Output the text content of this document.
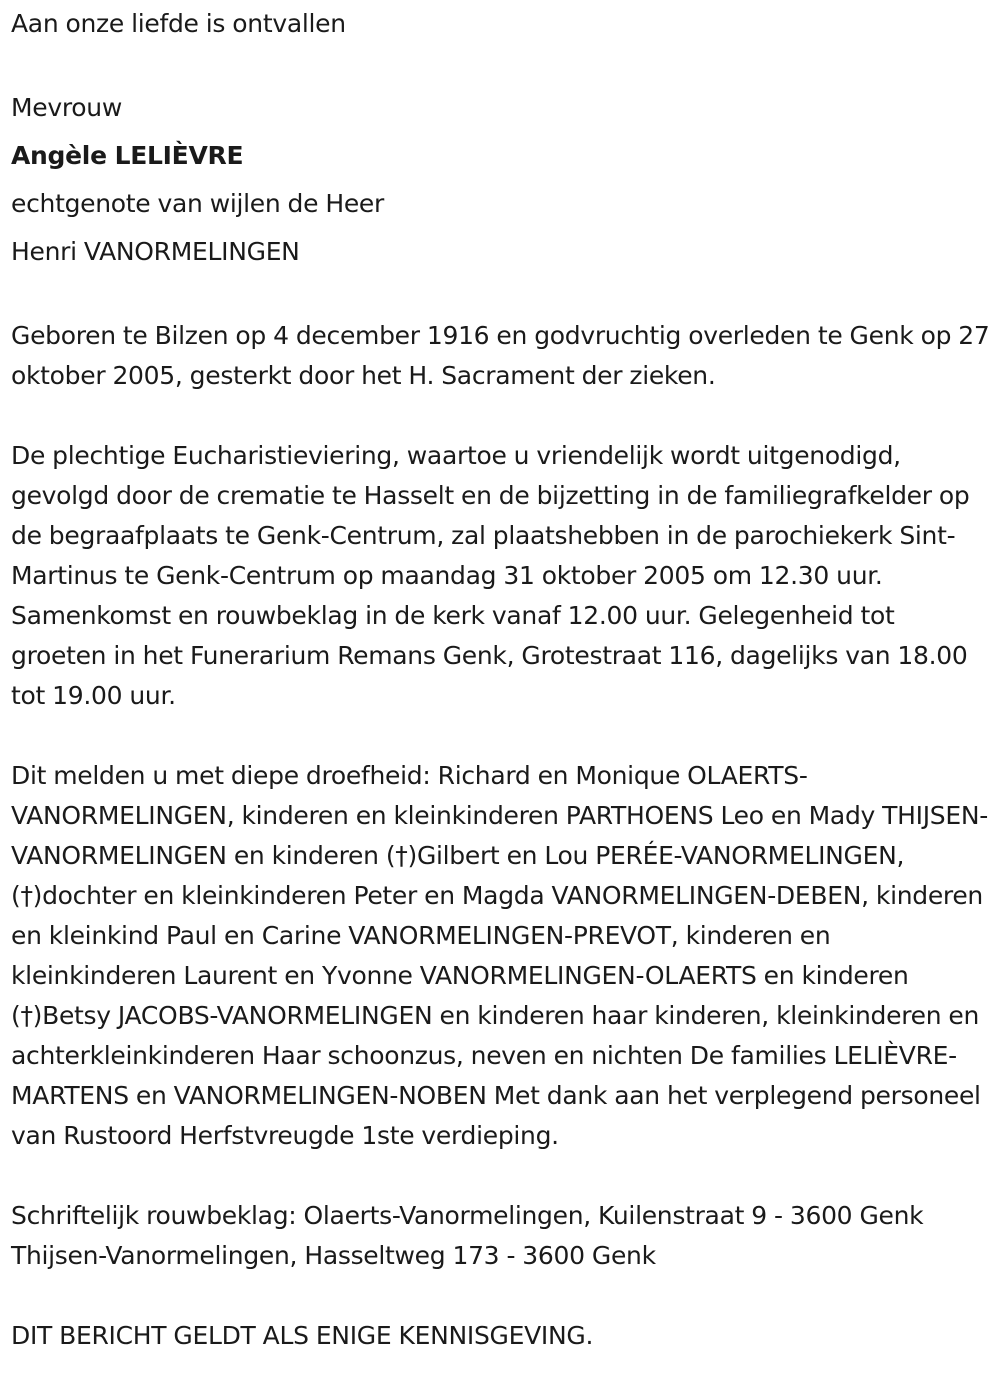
Aan onze liefde is ontvallen

Mevrouw

Angèle LELIÈVRE

echtgenote van wijlen de Heer

Henri VANORMELINGEN

Geboren te Bilzen op 4 december 1916 en godvruchtig overleden te Genk op 27 oktober 2005, gesterkt door het H. Sacrament der zieken.

De plechtige Eucharistieviering, waartoe u vriendelijk wordt uitgenodigd, gevolgd door de crematie te Hasselt en de bijzetting in de familiegrafkelder op de begraafplaats te Genk-Centrum, zal plaatshebben in de parochiekerk Sint-Martinus te Genk-Centrum op maandag 31 oktober 2005 om 12.30 uur. Samenkomst en rouwbeklag in de kerk vanaf 12.00 uur. Gelegenheid tot groeten in het Funerarium Remans Genk, Grotestraat 116, dagelijks van 18.00 tot 19.00 uur.

Dit melden u met diepe droefheid: Richard en Monique OLAERTS-VANORMELINGEN, kinderen en kleinkinderen PARTHOENS Leo en Mady THIJSEN-VANORMELINGEN en kinderen (†)Gilbert en Lou PERÉE-VANORMELINGEN, (†)dochter en kleinkinderen Peter en Magda VANORMELINGEN-DEBEN, kinderen en kleinkind Paul en Carine VANORMELINGEN-PREVOT, kinderen en kleinkinderen Laurent en Yvonne VANORMELINGEN-OLAERTS en kinderen (†)Betsy JACOBS-VANORMELINGEN en kinderen haar kinderen, kleinkinderen en achterkleinkinderen Haar schoonzus, neven en nichten De families LELIÈVRE-MARTENS en VANORMELINGEN-NOBEN Met dank aan het verplegend personeel van Rustoord Herfstvreugde 1ste verdieping.

Schriftelijk rouwbeklag: Olaerts-Vanormelingen, Kuilenstraat 9 - 3600 Genk Thijsen-Vanormelingen, Hasseltweg 173 - 3600 Genk

DIT BERICHT GELDT ALS ENIGE KENNISGEVING.
